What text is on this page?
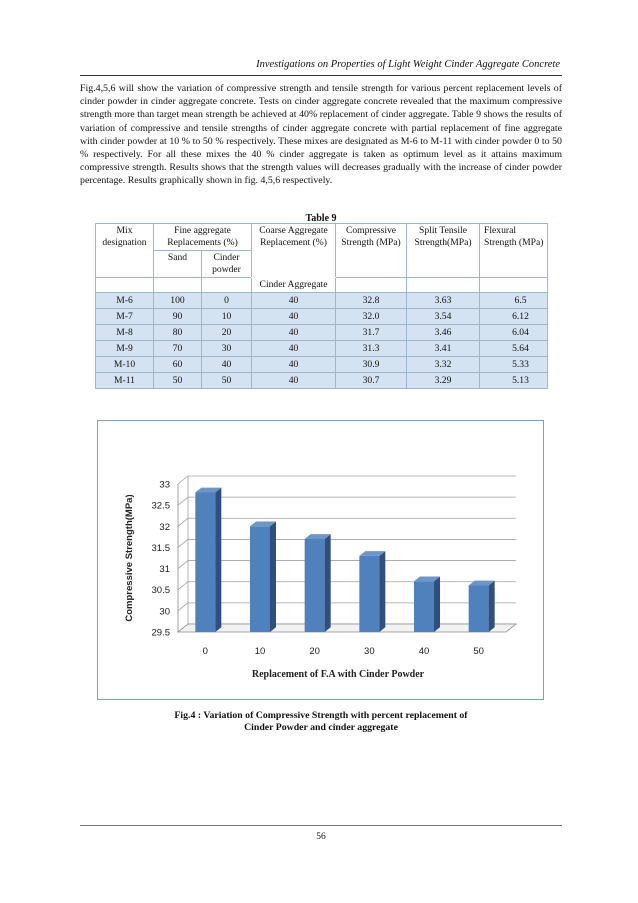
Investigations on Properties of Light Weight Cinder Aggregate Concrete
Fig.4,5,6 will show the variation of compressive strength and tensile strength for various percent replacement levels of cinder powder in cinder aggregate concrete. Tests on cinder aggregate concrete revealed that the maximum compressive strength more than target mean strength be achieved at 40% replacement of cinder aggregate. Table 9 shows the results of variation of compressive and tensile strengths of cinder aggregate concrete with partial replacement of fine aggregate with cinder powder at 10 % to 50 % respectively. These mixes are designated as M-6 to M-11 with cinder powder 0 to 50 % respectively. For all these mixes the 40 % cinder aggregate is taken as optimum level as it attains maximum compressive strength. Results shows that the strength values will decreases gradually with the increase of cinder powder percentage. Results graphically shown in fig. 4,5,6 respectively.
Table 9
Mix designation	Fine aggregate Replacements (%)		Coarse Aggregate Replacement (%)	Compressive Strength (MPa)	Split Tensile Strength(MPa)	Flexural Strength (MPa)
	Sand	Cinder powder				
			Cinder Aggregate			
M-6	100	0	40	32.8	3.63	6.5
M-7	90	10	40	32.0	3.54	6.12
M-8	80	20	40	31.7	3.46	6.04
M-9	70	30	40	31.3	3.41	5.64
M-10	60	40	40	30.9	3.32	5.33
M-11	50	50	40	30.7	3.29	5.13
29.5
30
30.5
31
31.5
32
32.5
33
0	10	20	30	40	50
Replacement of F.A with Cinder Powder
Compressive Strength(MPa)
Fig.4 : Variation of Compressive Strength with percent replacement of
Cinder Powder and cinder aggregate
56
